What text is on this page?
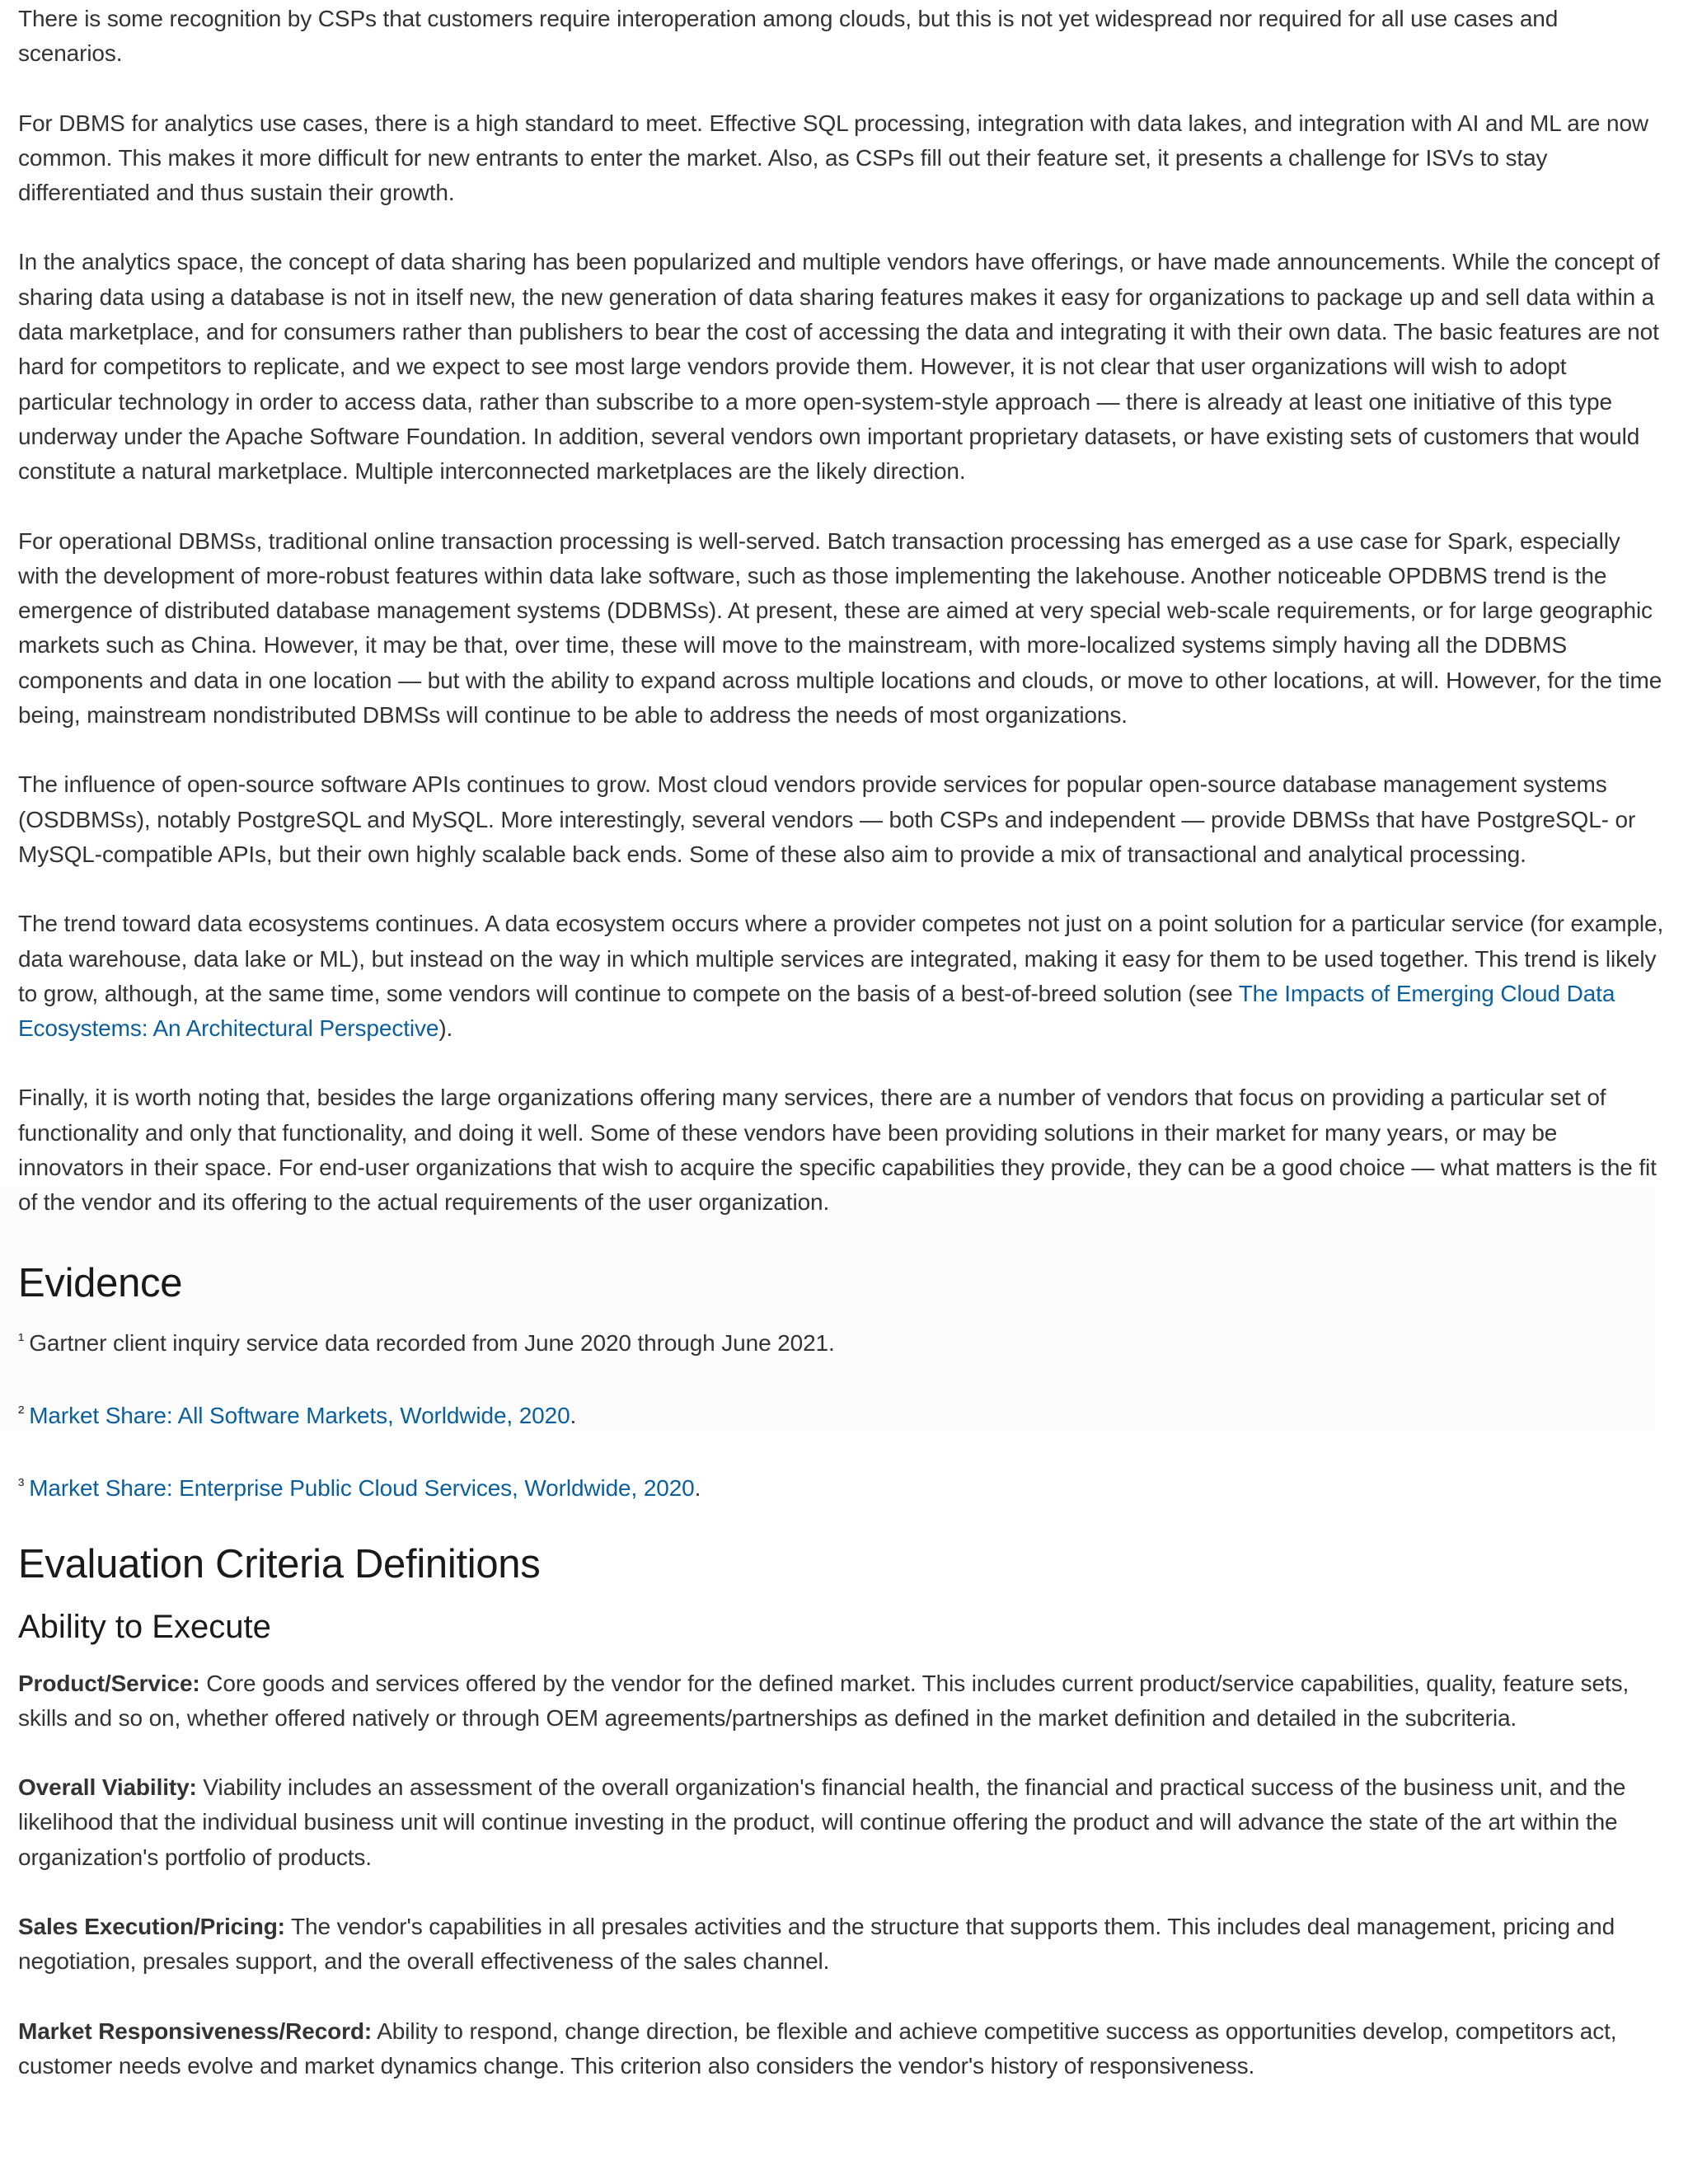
There is some recognition by CSPs that customers require interoperation among clouds, but this is not yet widespread nor required for all use cases and scenarios.

For DBMS for analytics use cases, there is a high standard to meet. Effective SQL processing, integration with data lakes, and integration with AI and ML are now common. This makes it more difficult for new entrants to enter the market. Also, as CSPs fill out their feature set, it presents a challenge for ISVs to stay differentiated and thus sustain their growth.

In the analytics space, the concept of data sharing has been popularized and multiple vendors have offerings, or have made announcements. While the concept of sharing data using a database is not in itself new, the new generation of data sharing features makes it easy for organizations to package up and sell data within a data marketplace, and for consumers rather than publishers to bear the cost of accessing the data and integrating it with their own data. The basic features are not hard for competitors to replicate, and we expect to see most large vendors provide them. However, it is not clear that user organizations will wish to adopt particular technology in order to access data, rather than subscribe to a more open-system-style approach — there is already at least one initiative of this type underway under the Apache Software Foundation. In addition, several vendors own important proprietary datasets, or have existing sets of customers that would constitute a natural marketplace. Multiple interconnected marketplaces are the likely direction.

For operational DBMSs, traditional online transaction processing is well-served. Batch transaction processing has emerged as a use case for Spark, especially with the development of more-robust features within data lake software, such as those implementing the lakehouse. Another noticeable OPDBMS trend is the emergence of distributed database management systems (DDBMSs). At present, these are aimed at very special web-scale requirements, or for large geographic markets such as China. However, it may be that, over time, these will move to the mainstream, with more-localized systems simply having all the DDBMS components and data in one location — but with the ability to expand across multiple locations and clouds, or move to other locations, at will. However, for the time being, mainstream nondistributed DBMSs will continue to be able to address the needs of most organizations.

The influence of open-source software APIs continues to grow. Most cloud vendors provide services for popular open-source database management systems (OSDBMSs), notably PostgreSQL and MySQL. More interestingly, several vendors — both CSPs and independent — provide DBMSs that have PostgreSQL- or MySQL-compatible APIs, but their own highly scalable back ends. Some of these also aim to provide a mix of transactional and analytical processing.

The trend toward data ecosystems continues. A data ecosystem occurs where a provider competes not just on a point solution for a particular service (for example, data warehouse, data lake or ML), but instead on the way in which multiple services are integrated, making it easy for them to be used together. This trend is likely to grow, although, at the same time, some vendors will continue to compete on the basis of a best-of-breed solution (see The Impacts of Emerging Cloud Data Ecosystems: An Architectural Perspective).

Finally, it is worth noting that, besides the large organizations offering many services, there are a number of vendors that focus on providing a particular set of functionality and only that functionality, and doing it well. Some of these vendors have been providing solutions in their market for many years, or may be innovators in their space. For end-user organizations that wish to acquire the specific capabilities they provide, they can be a good choice — what matters is the fit of the vendor and its offering to the actual requirements of the user organization.

Evidence

$^{^1}$ Gartner client inquiry service data recorded from June 2020 through June 2021.

$^{^2}$ Market Share: All Software Markets, Worldwide, 2020.

$^{^3}$ Market Share: Enterprise Public Cloud Services, Worldwide, 2020.

Evaluation Criteria Definitions
Ability to Execute

Product/Service: Core goods and services offered by the vendor for the defined market. This includes current product/service capabilities, quality, feature sets, skills and so on, whether offered natively or through OEM agreements/partnerships as defined in the market definition and detailed in the subcriteria.

Overall Viability: Viability includes an assessment of the overall organization's financial health, the financial and practical success of the business unit, and the likelihood that the individual business unit will continue investing in the product, will continue offering the product and will advance the state of the art within the organization's portfolio of products.

Sales Execution/Pricing: The vendor's capabilities in all presales activities and the structure that supports them. This includes deal management, pricing and negotiation, presales support, and the overall effectiveness of the sales channel.

Market Responsiveness/Record: Ability to respond, change direction, be flexible and achieve competitive success as opportunities develop, competitors act, customer needs evolve and market dynamics change. This criterion also considers the vendor's history of responsiveness.
